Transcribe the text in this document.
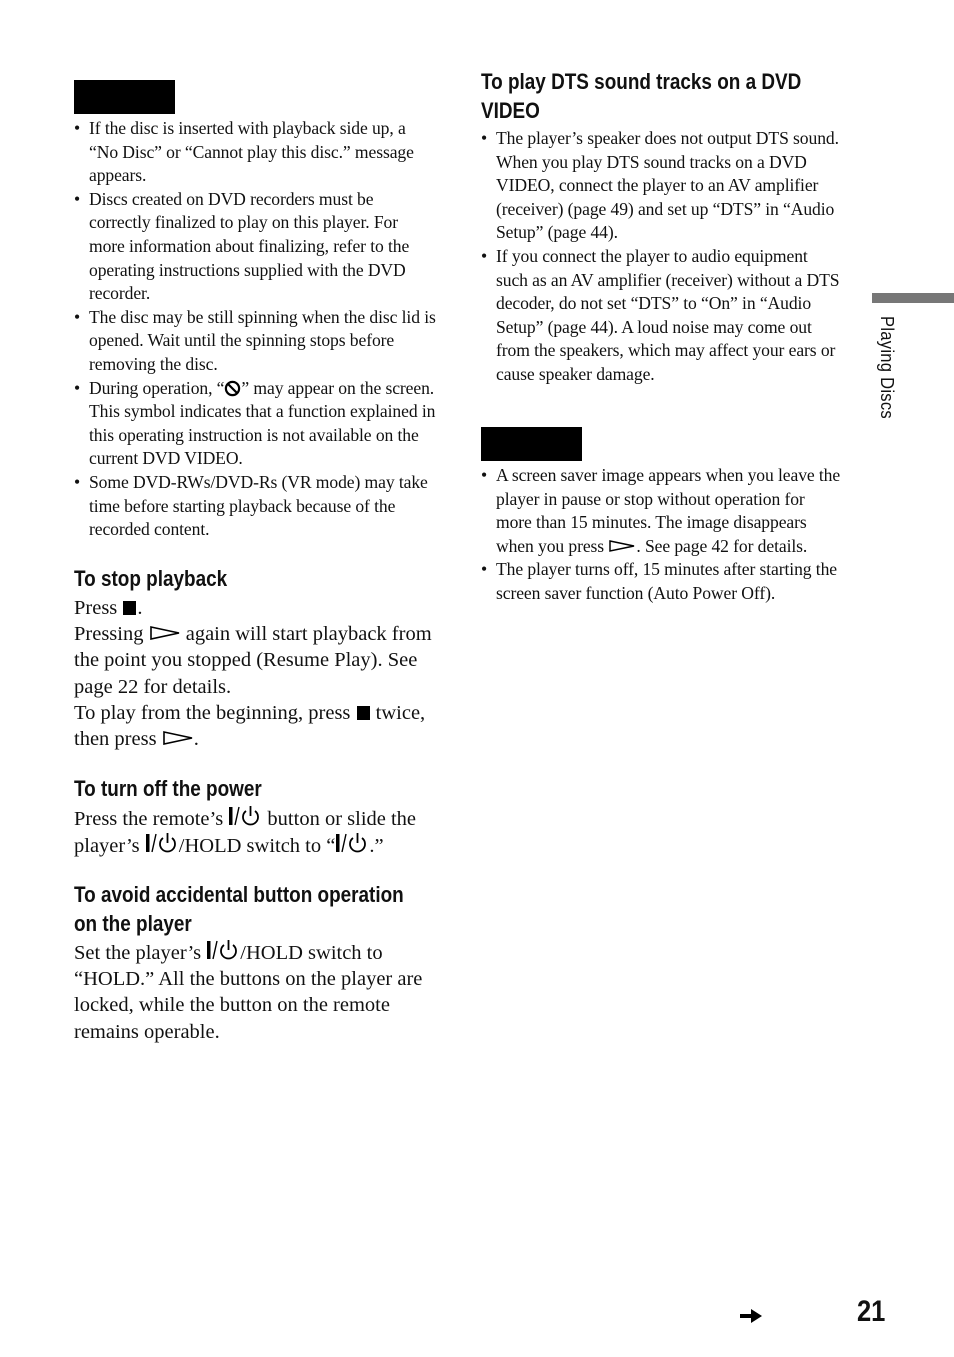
• If the disc is inserted with playback side up, a “No Disc” or “Cannot play this disc.” message appears.
• Discs created on DVD recorders must be correctly finalized to play on this player. For more information about finalizing, refer to the operating instructions supplied with the DVD recorder.
• The disc may be still spinning when the disc lid is opened. Wait until the spinning stops before removing the disc.
• During operation, “ ” may appear on the screen. This symbol indicates that a function explained in this operating instruction is not available on the current DVD VIDEO.
• Some DVD-RWs/DVD-Rs (VR mode) may take time before starting playback because of the recorded content.
To stop playback

Press .

Pressing  again will start playback from the point you stopped (Resume Play). See page 22 for details.

To play from the beginning, press  twice, then press .

To turn off the power

Press the remote’s  button or slide the player’s /HOLD switch to “ .”

To avoid accidental button operation
on the player

Set the player’s /HOLD switch to “HOLD.” All the buttons on the player are locked, while the button on the remote remains operable.

To play DTS sound tracks on a DVD
VIDEO
• The player’s speaker does not output DTS sound. When you play DTS sound tracks on a DVD VIDEO, connect the player to an AV amplifier (receiver) (page 49) and set up “DTS” in “Audio Setup” (page 44).
• If you connect the player to audio equipment such as an AV amplifier (receiver) without a DTS decoder, do not set “DTS” to “On” in “Audio Setup” (page 44). A loud noise may come out from the speakers, which may affect your ears or cause speaker damage.
• A screen saver image appears when you leave the player in pause or stop without operation for more than 15 minutes. The image disappears when you press . See page 42 for details.
• The player turns off, 15 minutes after starting the screen saver function (Auto Power Off).
Playing Discs
21
